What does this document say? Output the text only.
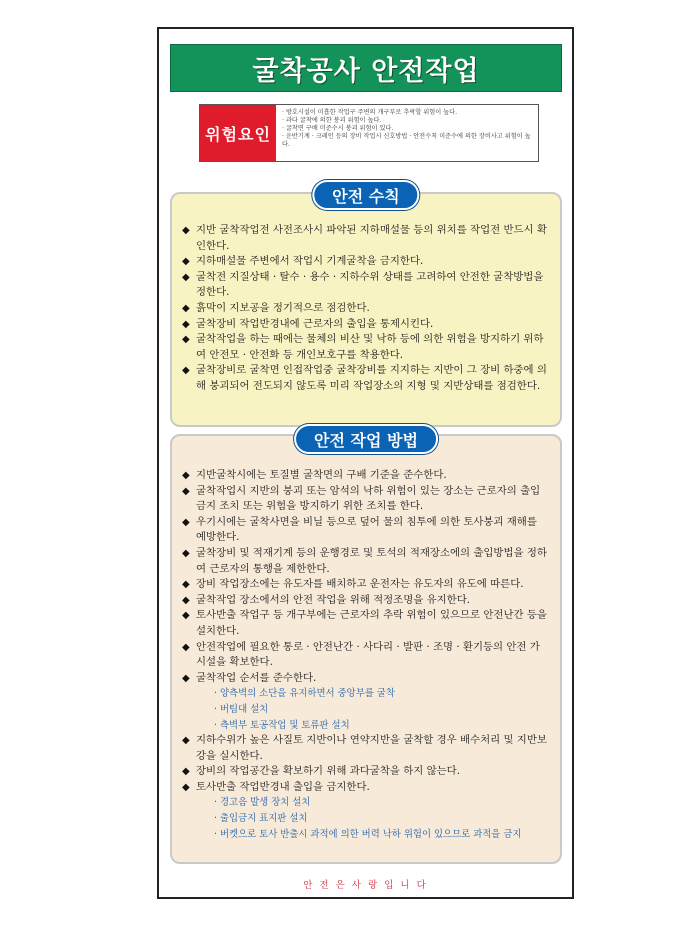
굴착공사 안전작업
위험요인
· 방호시설이 미흡한 작업구 주변의 개구부로 추락할 위험이 높다.
· 과다 굴착에 의한 붕괴 위험이 높다.
· 굴착면 구배 미준수시 붕괴 위험이 있다.
· 운반기계 · 크레인 등의 장비 작업시 신호방법 · 안전수칙 미준수에 의한 장비사고 위험이 높다.
안전 수칙
◆ 지반 굴착작업전 사전조사시 파악된 지하매설물 등의 위치를 작업전 반드시 확인한다.
◆ 지하매설물 주변에서 작업시 기계굴착을 금지한다.
◆ 굴착전 지질상태 · 탈수 · 용수 · 지하수위 상태를 고려하여 안전한 굴착방법을 정한다.
◆ 흙막이 지보공을 정기적으로 점검한다.
◆ 굴착장비 작업반경내에 근로자의 출입을 통제시킨다.
◆ 굴착작업을 하는 때에는 물체의 비산 및 낙하 등에 의한 위험을 방지하기 위하여 안전모 · 안전화 등 개인보호구를 착용한다.
◆ 굴착장비로 굴착면 인접작업중 굴착장비를 지지하는 지반이 그 장비 하중에 의해 붕괴되어 전도되지 않도록 미리 작업장소의 지형 및 지반상태를 점검한다.
안전 작업 방법
◆ 지반굴착시에는 토질별 굴착면의 구배 기준을 준수한다.
◆ 굴착작업시 지반의 붕괴 또는 암석의 낙하 위험이 있는 장소는 근로자의 출입금지 조치 또는 위험을 방지하기 위한 조치를 한다.
◆ 우기시에는 굴착사면을 비닐 등으로 덮어 물의 침투에 의한 토사붕괴 재해를 예방한다.
◆ 굴착장비 및 적재기계 등의 운행경로 및 토석의 적재장소에의 출입방법을 정하여 근로자의 통행을 제한한다.
◆ 장비 작업장소에는 유도자를 배치하고 운전자는 유도자의 유도에 따른다.
◆ 굴착작업 장소에서의 안전 작업을 위해 적정조명을 유지한다.
◆ 토사반출 작업구 등 개구부에는 근로자의 추락 위험이 있으므로 안전난간 등을 설치한다.
◆ 안전작업에 필요한 통로 · 안전난간 · 사다리 · 발판 · 조명 · 환기등의 안전 가시설을 확보한다.
◆ 굴착작업 순서를 준수한다.
· 양측벽의 소단을 유지하면서 중앙부를 굴착
· 버팀대 설치
· 측벽부 토공작업 및 토류판 설치
◆ 지하수위가 높은 사질토 지반이나 연약지반을 굴착할 경우 배수처리 및 지반보강을 실시한다.
◆ 장비의 작업공간을 확보하기 위해 과다굴착을 하지 않는다.
◆ 토사반출 작업반경내 출입을 금지한다.
· 경고음 발생 장치 설치
· 출입금지 표지판 설치
· 버켓으로 토사 반출시 과적에 의한 버력 낙하 위험이 있으므로 과적을 금지
안 전 은 사 랑 입 니 다
